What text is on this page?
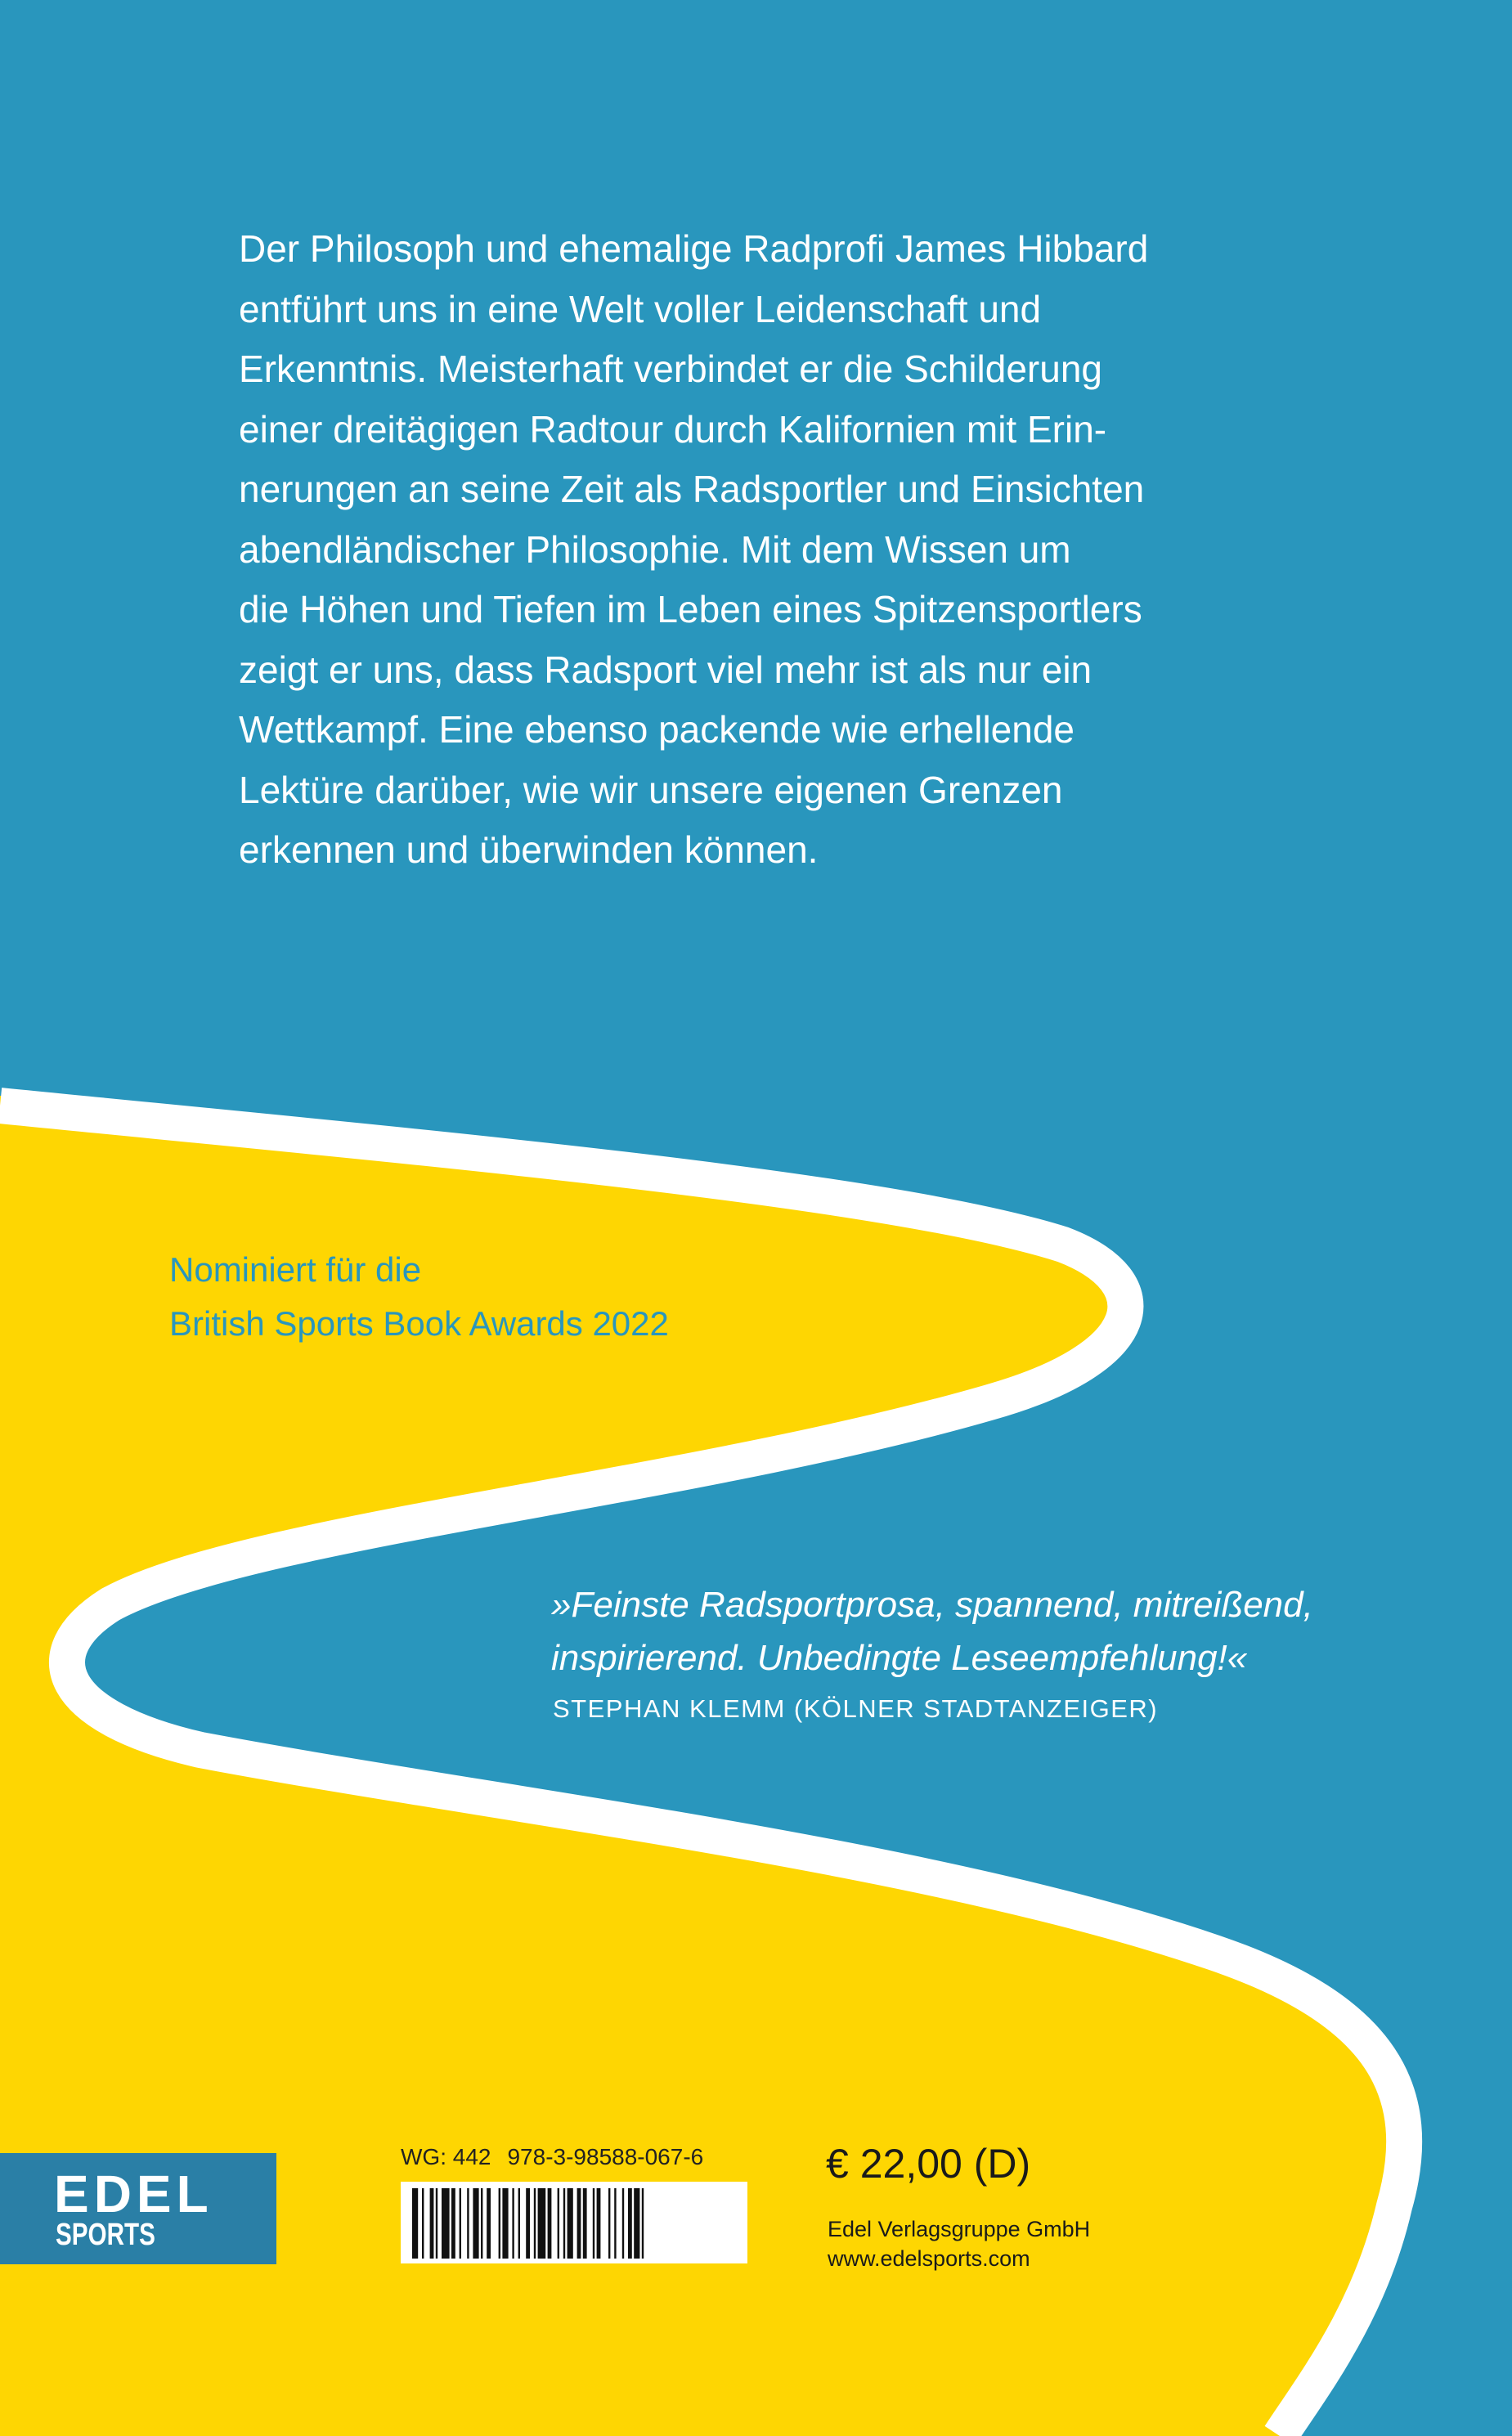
Der Philosoph und ehemalige Radprofi James Hibbard
entführt uns in eine Welt voller Leidenschaft und
Erkenntnis. Meisterhaft verbindet er die Schilderung
einer dreitägigen Radtour durch Kalifornien mit Erin-
nerungen an seine Zeit als Radsportler und Einsichten
abendländischer Philosophie. Mit dem Wissen um
die Höhen und Tiefen im Leben eines Spitzensportlers
zeigt er uns, dass Radsport viel mehr ist als nur ein
Wettkampf. Eine ebenso packende wie erhellende
Lektüre darüber, wie wir unsere eigenen Grenzen
erkennen und überwinden können.
Nominiert für die
British Sports Book Awards 2022
»Feinste Radsportprosa, spannend, mitreißend,
inspirierend. Unbedingte Leseempfehlung!«
STEPHAN KLEMM (KÖLNER STADTANZEIGER)
EDEL
SPORTS
WG: 442 978-3-98588-067-6	€ 22,00 (D)
Edel Verlagsgruppe GmbH
www.edelsports.com
